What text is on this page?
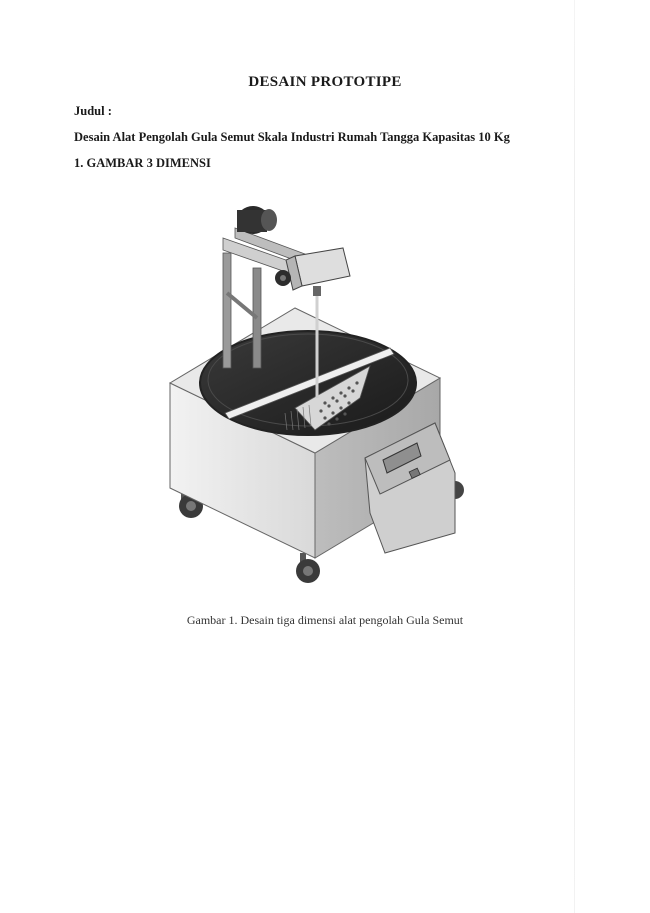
DESAIN PROTOTIPE
Judul :
Desain Alat Pengolah Gula Semut Skala Industri Rumah Tangga Kapasitas 10 Kg
1. GAMBAR 3 DIMENSI
Gambar 1. Desain tiga dimensi alat pengolah Gula Semut
